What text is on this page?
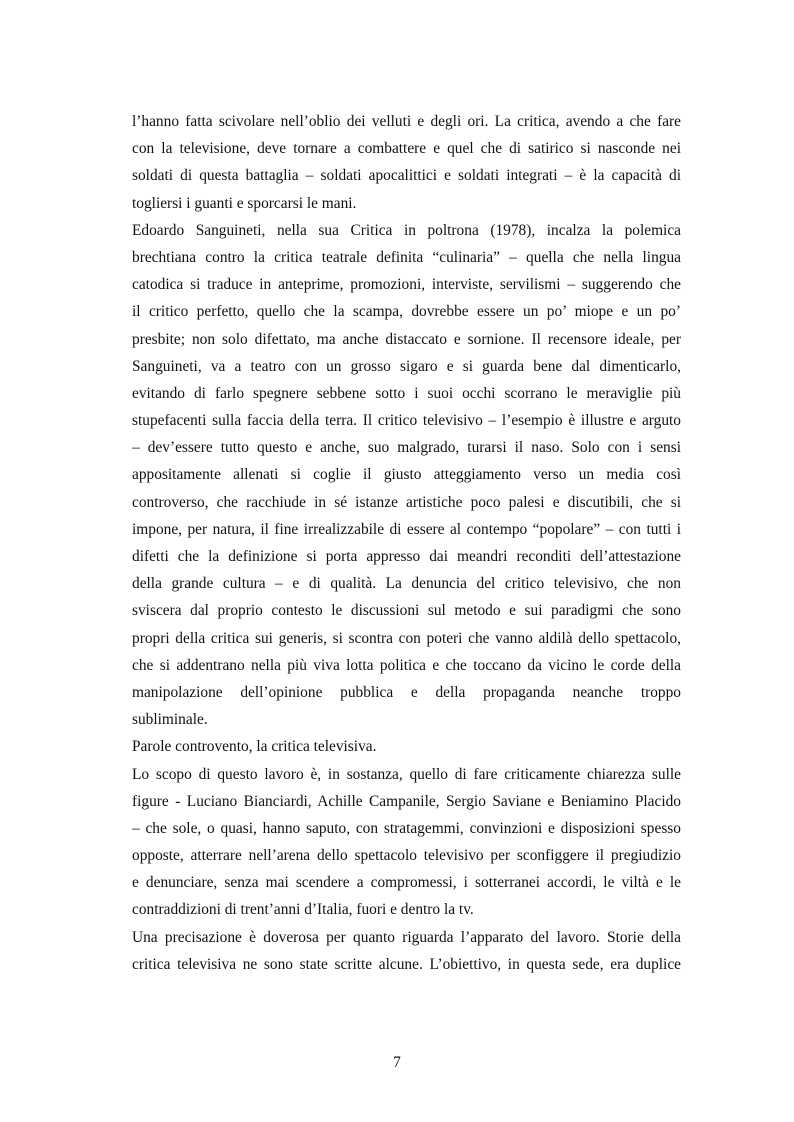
l’hanno fatta scivolare nell’oblio dei velluti e degli ori. La critica, avendo a che fare
con la televisione, deve tornare a combattere e quel che di satirico si nasconde nei
soldati di questa battaglia – soldati apocalittici e soldati integrati – è la capacità di
togliersi i guanti e sporcarsi le mani.

Edoardo Sanguineti, nella sua Critica in poltrona (1978), incalza la polemica
brechtiana contro la critica teatrale definita “culinaria” – quella che nella lingua
catodica si traduce in anteprime, promozioni, interviste, servilismi – suggerendo che
il critico perfetto, quello che la scampa, dovrebbe essere un po’ miope e un po’
presbite; non solo difettato, ma anche distaccato e sornione. Il recensore ideale, per
Sanguineti, va a teatro con un grosso sigaro e si guarda bene dal dimenticarlo,
evitando di farlo spegnere sebbene sotto i suoi occhi scorrano le meraviglie più
stupefacenti sulla faccia della terra. Il critico televisivo – l’esempio è illustre e arguto
– dev’essere tutto questo e anche, suo malgrado, turarsi il naso. Solo con i sensi
appositamente allenati si coglie il giusto atteggiamento verso un media così
controverso, che racchiude in sé istanze artistiche poco palesi e discutibili, che si
impone, per natura, il fine irrealizzabile di essere al contempo “popolare” – con tutti i
difetti che la definizione si porta appresso dai meandri reconditi dell’attestazione
della grande cultura – e di qualità. La denuncia del critico televisivo, che non
sviscera dal proprio contesto le discussioni sul metodo e sui paradigmi che sono
propri della critica sui generis, si scontra con poteri che vanno aldilà dello spettacolo,
che si addentrano nella più viva lotta politica e che toccano da vicino le corde della
manipolazione dell’opinione pubblica e della propaganda neanche troppo
subliminale.

Parole controvento, la critica televisiva.

Lo scopo di questo lavoro è, in sostanza, quello di fare criticamente chiarezza sulle
figure - Luciano Bianciardi, Achille Campanile, Sergio Saviane e Beniamino Placido
– che sole, o quasi, hanno saputo, con stratagemmi, convinzioni e disposizioni spesso
opposte, atterrare nell’arena dello spettacolo televisivo per sconfiggere il pregiudizio
e denunciare, senza mai scendere a compromessi, i sotterranei accordi, le viltà e le
contraddizioni di trent’anni d’Italia, fuori e dentro la tv.

Una precisazione è doverosa per quanto riguarda l’apparato del lavoro. Storie della
critica televisiva ne sono state scritte alcune. L’obiettivo, in questa sede, era duplice

7
